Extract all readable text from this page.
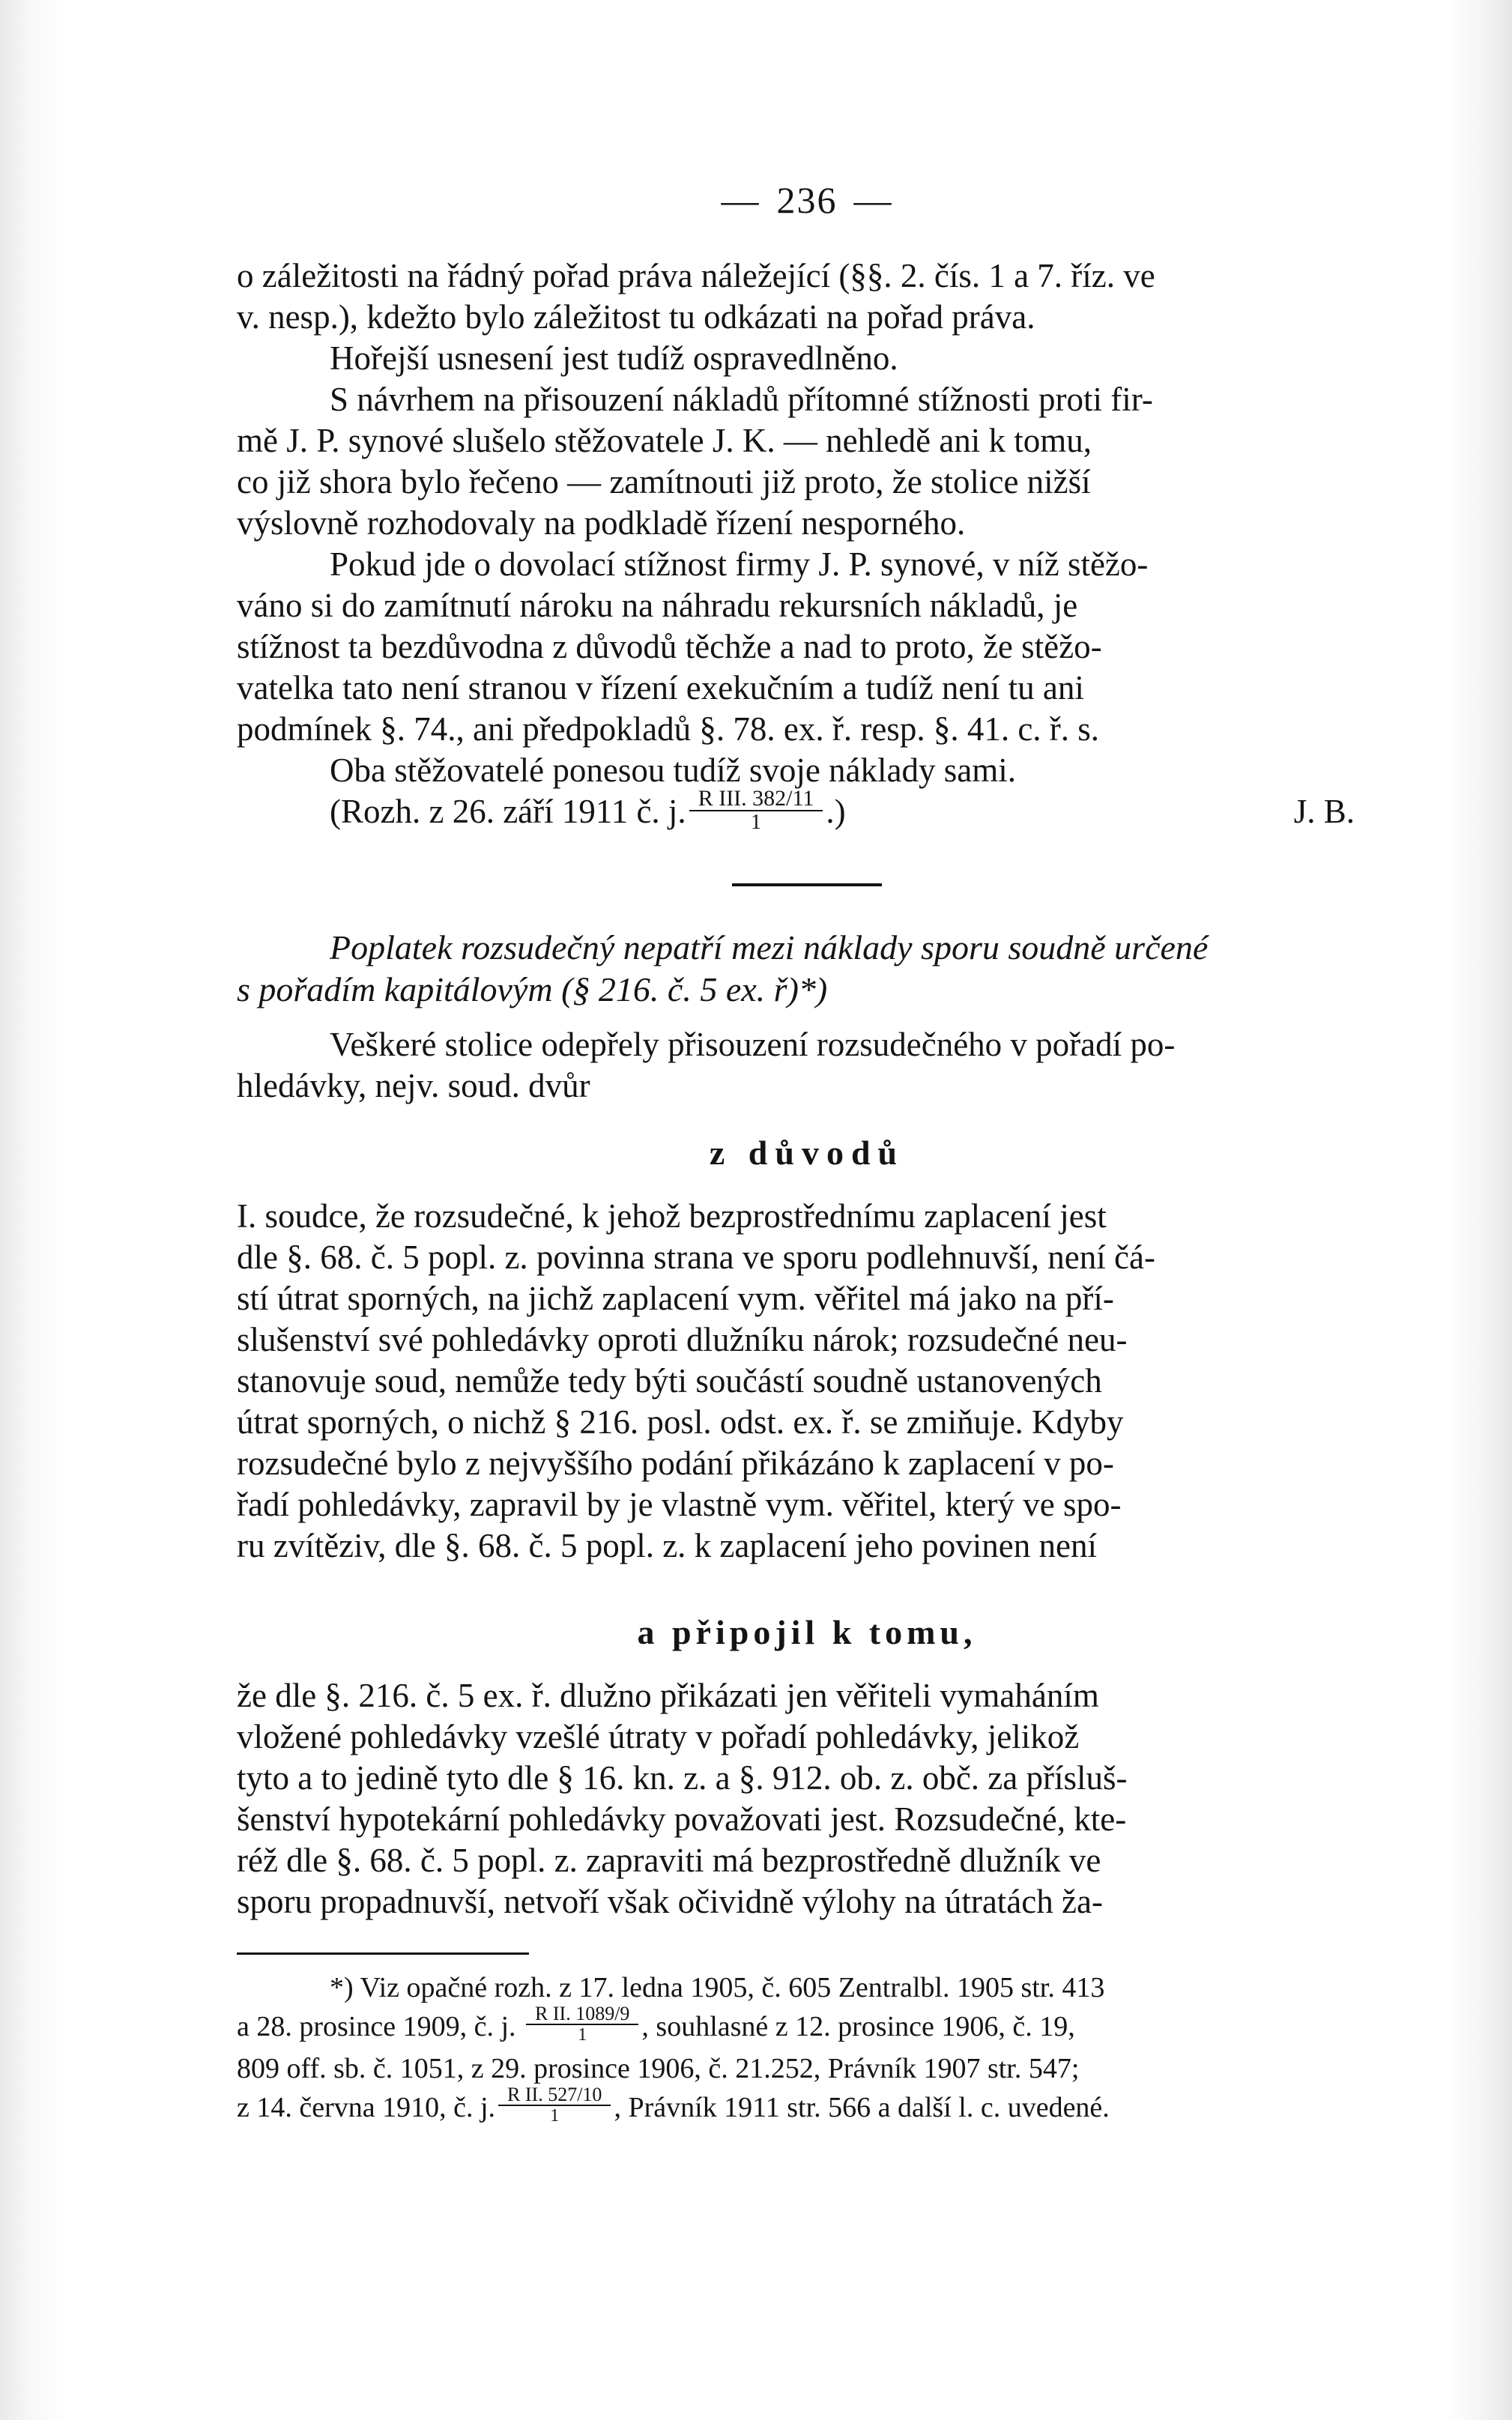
— 236 —
o záležitosti na řádný pořad práva náležející (§§. 2. čís. 1 a 7. říz. ve
v. nesp.), kdežto bylo záležitost tu odkázati na pořad práva.
Hořejší usnesení jest tudíž ospravedlněno.
S návrhem na přisouzení nákladů přítomné stížnosti proti fir-
mě J. P. synové slušelo stěžovatele J. K. — nehledě ani k tomu,
co již shora bylo řečeno — zamítnouti již proto, že stolice nižší
výslovně rozhodovaly na podkladě řízení nesporného.
Pokud jde o dovolací stížnost firmy J. P. synové, v níž stěžo-
váno si do zamítnutí nároku na náhradu rekursních nákladů, je
stížnost ta bezdůvodna z důvodů těchže a nad to proto, že stěžo-
vatelka tato není stranou v řízení exekučním a tudíž není tu ani
podmínek §. 74., ani předpokladů §. 78. ex. ř. resp. §. 41. c. ř. s.
Oba stěžovatelé ponesou tudíž svoje náklady sami.
(Rozh. z 26. září 1911 č. j. $\frac{\text{R III. 382/11}}{1}$ .)	J. B.
Poplatek rozsudečný nepatří mezi náklady sporu soudně určené
s pořadím kapitálovým (§ 216. č. 5 ex. ř)*)
Veškeré stolice odepřely přisouzení rozsudečného v pořadí po-
hledávky, nejv. soud. dvůr
z důvodů
I. soudce, že rozsudečné, k jehož bezprostřednímu zaplacení jest
dle §. 68. č. 5 popl. z. povinna strana ve sporu podlehnuvší, není čá-
stí útrat sporných, na jichž zaplacení vym. věřitel má jako na pří-
slušenství své pohledávky oproti dlužníku nárok; rozsudečné neu-
stanovuje soud, nemůže tedy býti součástí soudně ustanovených
útrat sporných, o nichž § 216. posl. odst. ex. ř. se zmiňuje. Kdyby
rozsudečné bylo z nejvyššího podání přikázáno k zaplacení v po-
řadí pohledávky, zapravil by je vlastně vym. věřitel, který ve spo-
ru zvítěziv, dle §. 68. č. 5 popl. z. k zaplacení jeho povinen není
a připojil k tomu,
že dle §. 216. č. 5 ex. ř. dlužno přikázati jen věřiteli vymaháním
vložené pohledávky vzešlé útraty v pořadí pohledávky, jelikož
tyto a to jedině tyto dle § 16. kn. z. a §. 912. ob. z. obč. za přísluš-
šenství hypotekární pohledávky považovati jest. Rozsudečné, kte-
réž dle §. 68. č. 5 popl. z. zapraviti má bezprostředně dlužník ve
sporu propadnuvší, netvoří však očividně výlohy na útratách ža-
*) Viz opačné rozh. z 17. ledna 1905, č. 605 Zentralbl. 1905 str. 413
a 28. prosince 1909, č. j. $\frac{\text{R II. 1089/9}}{1}$ , souhlasné z 12. prosince 1906, č. 19,
809 off. sb. č. 1051, z 29. prosince 1906, č. 21.252, Právník 1907 str. 547;
z 14. června 1910, č. j. $\frac{\text{R II. 527/10}}{1}$ , Právník 1911 str. 566 a další l. c. uvedené.
